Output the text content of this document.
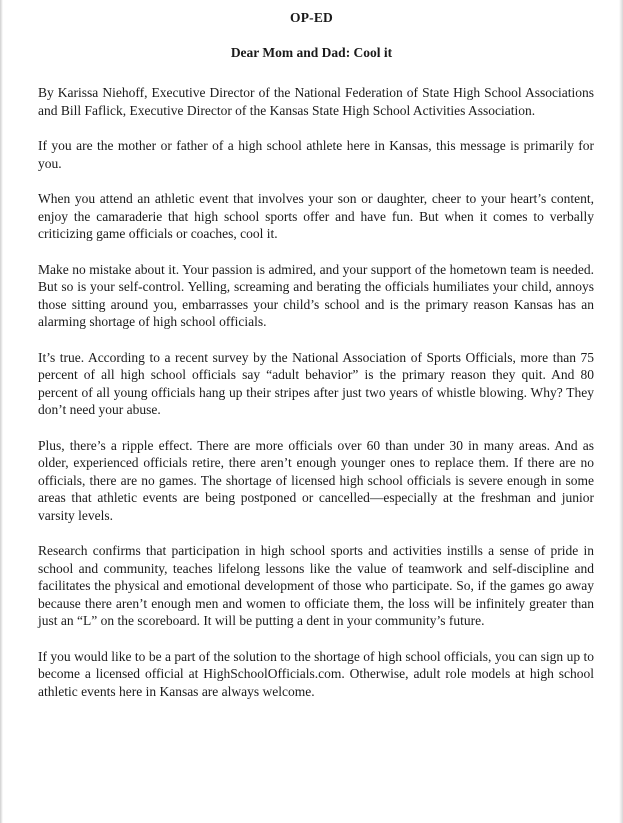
OP-ED
Dear Mom and Dad: Cool it

By Karissa Niehoff, Executive Director of the National Federation of State High School Associations and Bill Faflick, Executive Director of the Kansas State High School Activities Association.

If you are the mother or father of a high school athlete here in Kansas, this message is primarily for you.

When you attend an athletic event that involves your son or daughter, cheer to your heart’s content, enjoy the camaraderie that high school sports offer and have fun. But when it comes to verbally criticizing game officials or coaches, cool it.

Make no mistake about it. Your passion is admired, and your support of the hometown team is needed. But so is your self-control. Yelling, screaming and berating the officials humiliates your child, annoys those sitting around you, embarrasses your child’s school and is the primary reason Kansas has an alarming shortage of high school officials.

It’s true. According to a recent survey by the National Association of Sports Officials, more than 75 percent of all high school officials say “adult behavior” is the primary reason they quit. And 80 percent of all young officials hang up their stripes after just two years of whistle blowing. Why? They don’t need your abuse.

Plus, there’s a ripple effect. There are more officials over 60 than under 30 in many areas. And as older, experienced officials retire, there aren’t enough younger ones to replace them. If there are no officials, there are no games. The shortage of licensed high school officials is severe enough in some areas that athletic events are being postponed or cancelled—especially at the freshman and junior varsity levels.

Research confirms that participation in high school sports and activities instills a sense of pride in school and community, teaches lifelong lessons like the value of teamwork and self-discipline and facilitates the physical and emotional development of those who participate. So, if the games go away because there aren’t enough men and women to officiate them, the loss will be infinitely greater than just an “L” on the scoreboard. It will be putting a dent in your community’s future.

If you would like to be a part of the solution to the shortage of high school officials, you can sign up to become a licensed official at HighSchoolOfficials.com. Otherwise, adult role models at high school athletic events here in Kansas are always welcome.
